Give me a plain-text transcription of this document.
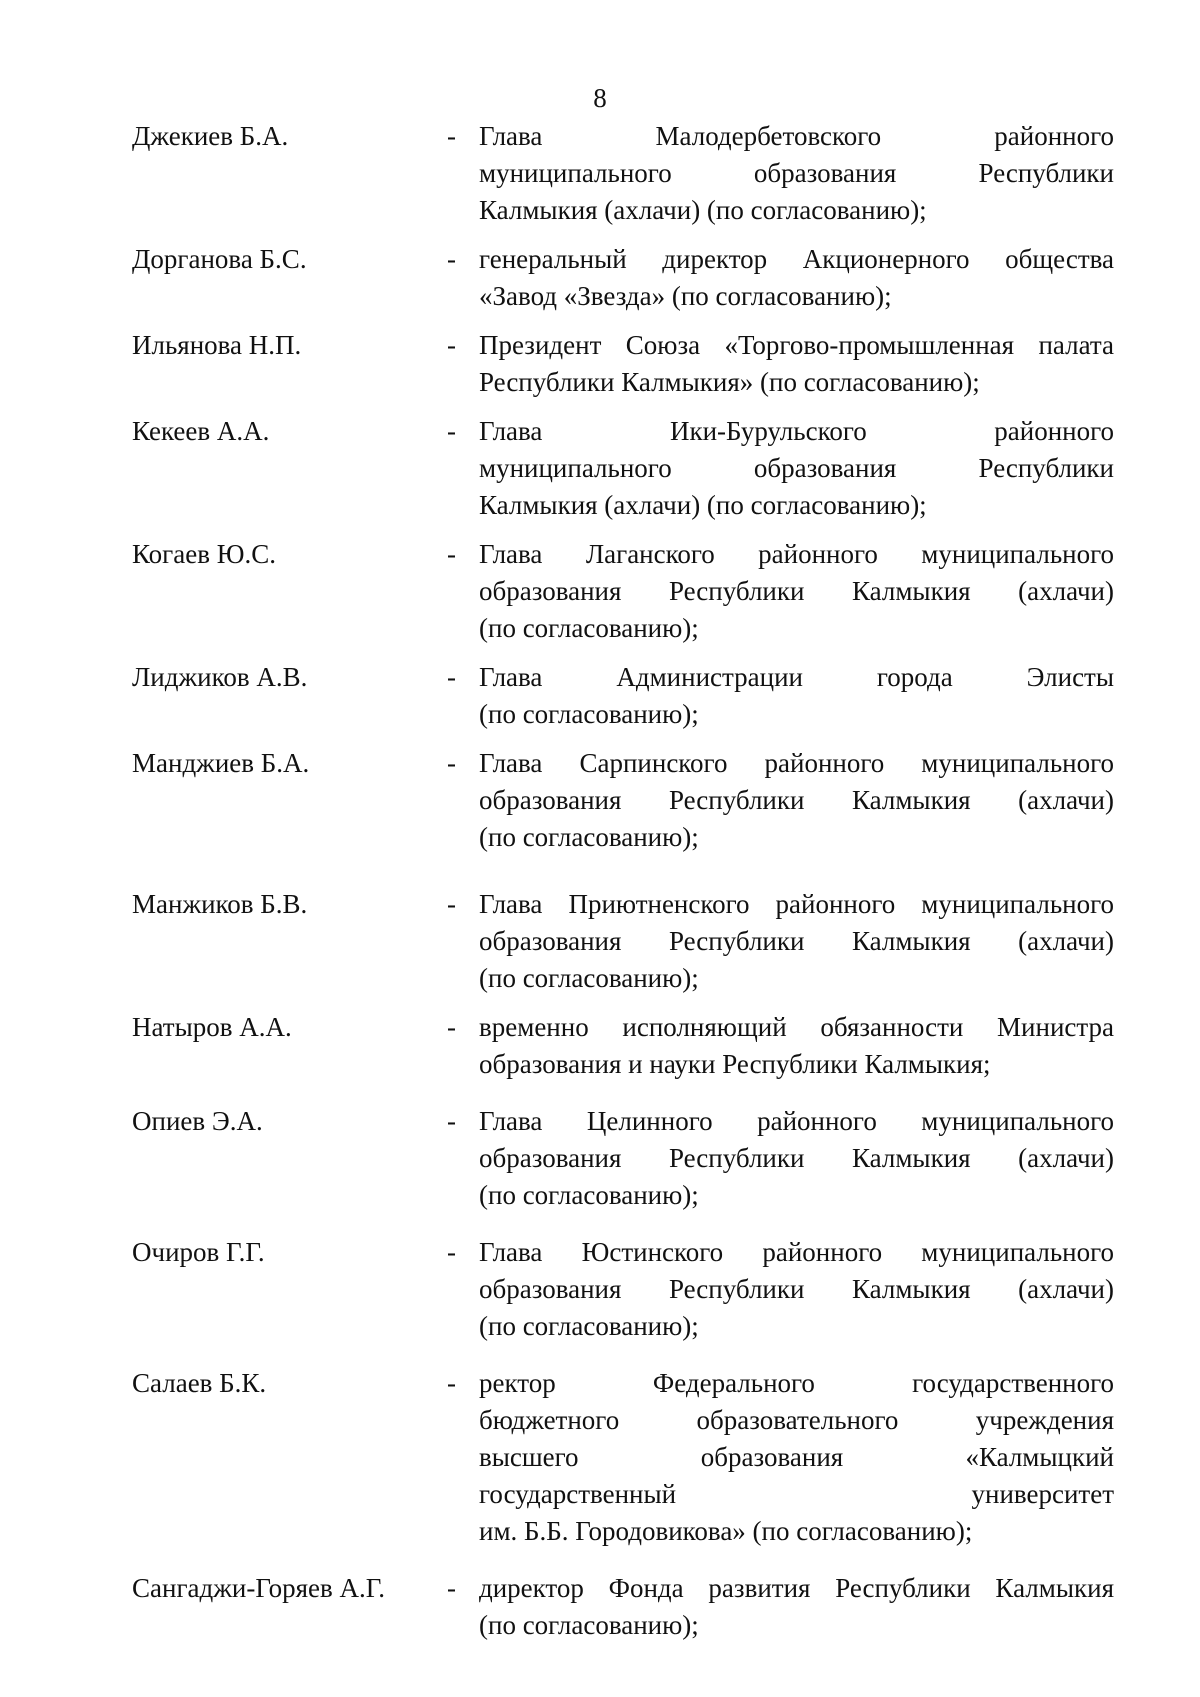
8
Джекиев Б.А.	- Глава Малодербетовского районного
муниципального образования Республики
Калмыкия (ахлачи) (по согласованию);
Дорганова Б.С.	- генеральный директор Акционерного общества
«Завод «Звезда» (по согласованию);
Ильянова Н.П.	- Президент Союза «Торгово-промышленная палата
Республики Калмыкия» (по согласованию);
Кекеев А.А.	- Глава Ики-Бурульского районного
муниципального образования Республики
Калмыкия (ахлачи) (по согласованию);
Когаев Ю.С.	- Глава Лаганского районного муниципального
образования Республики Калмыкия (ахлачи)
(по согласованию);
Лиджиков А.В.	- Глава Администрации города Элисты
(по согласованию);
Манджиев Б.А.	- Глава Сарпинского районного муниципального
образования Республики Калмыкия (ахлачи)
(по согласованию);
Манжиков Б.В.	- Глава Приютненского районного муниципального
образования Республики Калмыкия (ахлачи)
(по согласованию);
Натыров А.А.	- временно исполняющий обязанности Министра
образования и науки Республики Калмыкия;
Опиев Э.А.	- Глава Целинного районного муниципального
образования Республики Калмыкия (ахлачи)
(по согласованию);
Очиров Г.Г.	- Глава Юстинского районного муниципального
образования Республики Калмыкия (ахлачи)
(по согласованию);
Салаев Б.К.	- ректор Федерального государственного
бюджетного образовательного учреждения
высшего образования «Калмыцкий
государственный университет
им. Б.Б. Городовикова» (по согласованию);
Сангаджи-Горяев А.Г.	- директор Фонда развития Республики Калмыкия
(по согласованию);
